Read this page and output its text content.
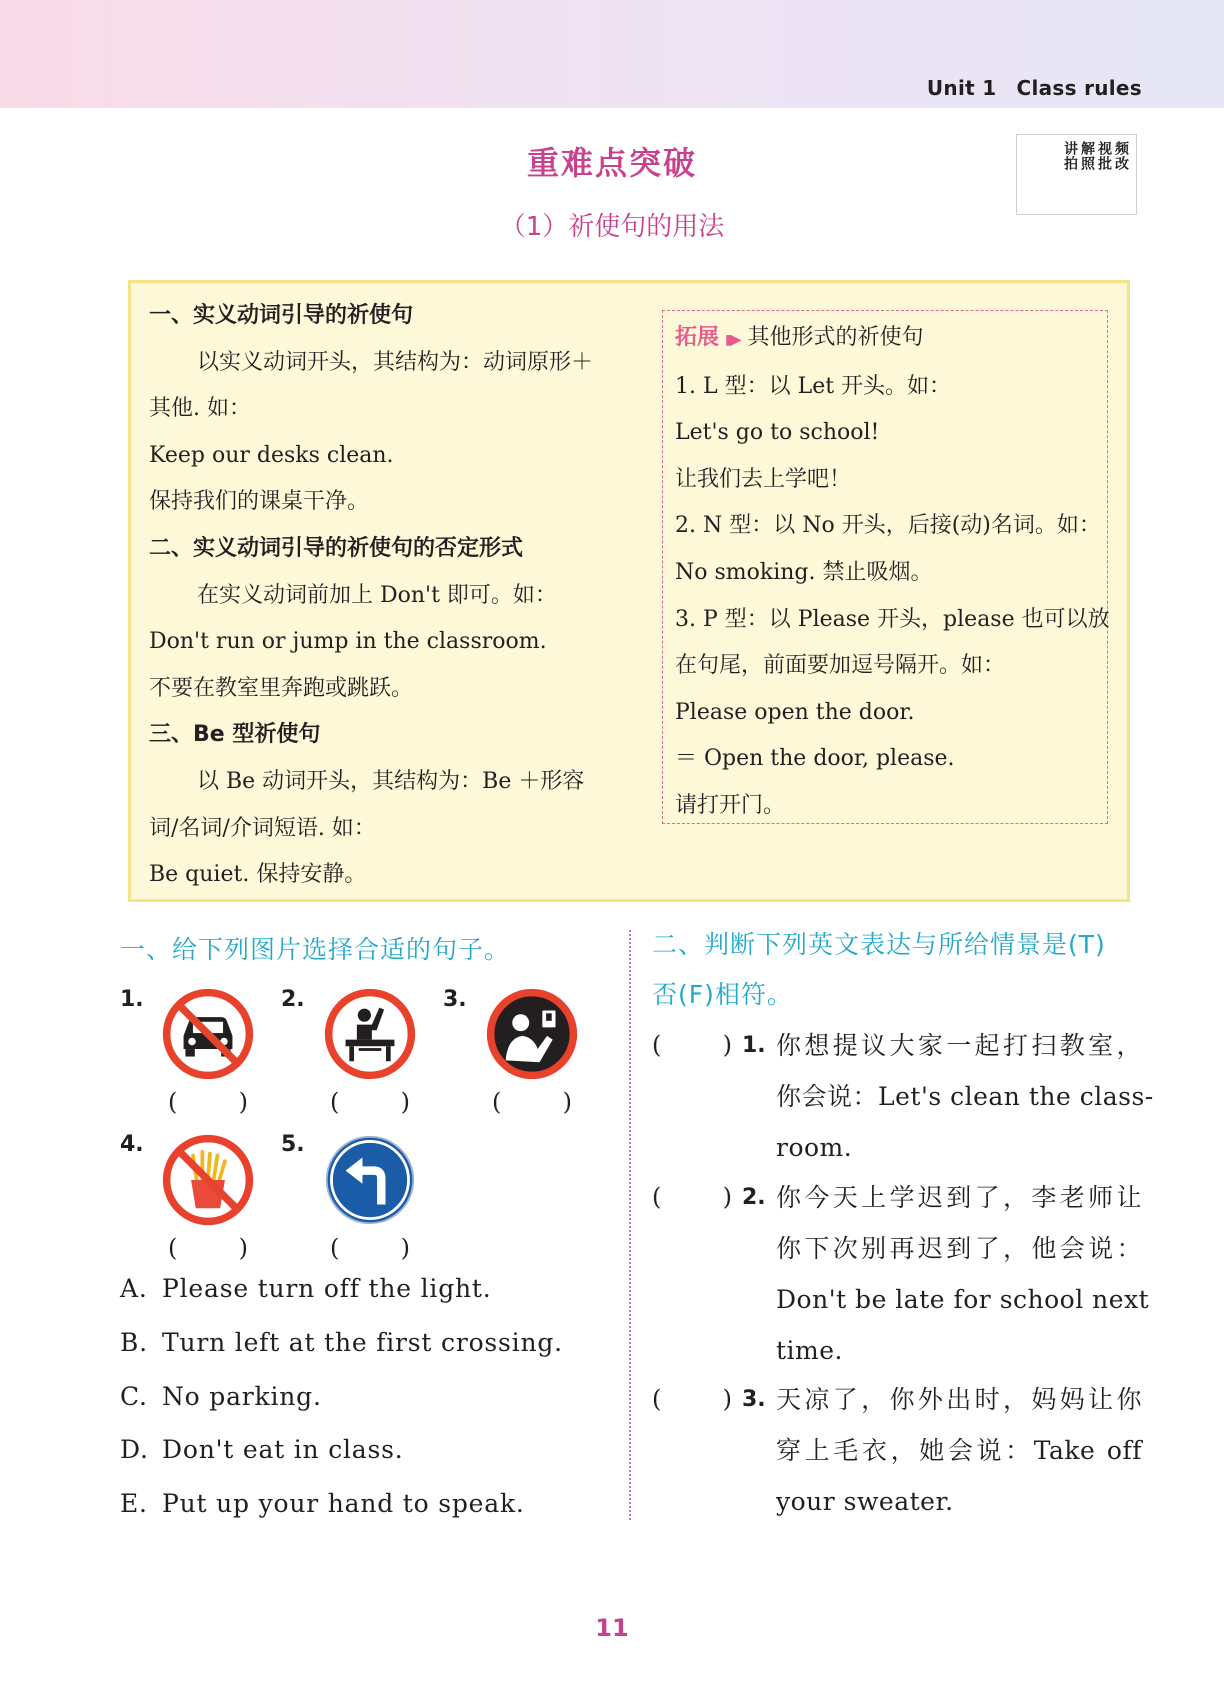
Unit 1 Class rules
讲拍 解照 视批 频改
重难点突破
（1）祈使句的用法
一、实义动词引导的祈使句
以实义动词开头，其结构为：动词原形＋
其他. 如：
Keep our desks clean.
保持我们的课桌干净。
二、实义动词引导的祈使句的否定形式
在实义动词前加上 Don't 即可。如：
Don't run or jump in the classroom.
不要在教室里奔跑或跳跃。
三、Be 型祈使句
以 Be 动词开头，其结构为：Be ＋形容
词/名词/介词短语. 如：
Be quiet. 保持安静。
拓展 ▮▶ 其他形式的祈使句
1. L 型：以 Let 开头。如：
Let's go to school!
让我们去上学吧！
2. N 型：以 No 开头，后接(动)名词。如：
No smoking. 禁止吸烟。
3. P 型：以 Please 开头，please 也可以放
在句尾，前面要加逗号隔开。如：
Please open the door.
＝ Open the door, please.
请打开门。
一、给下列图片选择合适的句子。
1.
(	)
2.
(	)
3.
(	)
4.
(	)
5.
(	)
A. Please turn off the light.
B. Turn left at the first crossing.
C. No parking.
D. Don't eat in class.
E. Put up your hand to speak.
二、判断下列英文表达与所给情景是(T)
否(F)相符。
(	) 1. 你想提议大家一起打扫教室，
你会说：Let's clean the class-
room.
(	) 2. 你今天上学迟到了，李老师让
你下次别再迟到了，他会说：
Don't be late for school next
time.
(	) 3. 天凉了，你外出时，妈妈让你
穿上毛衣，她会说：Take off
your sweater.
11
